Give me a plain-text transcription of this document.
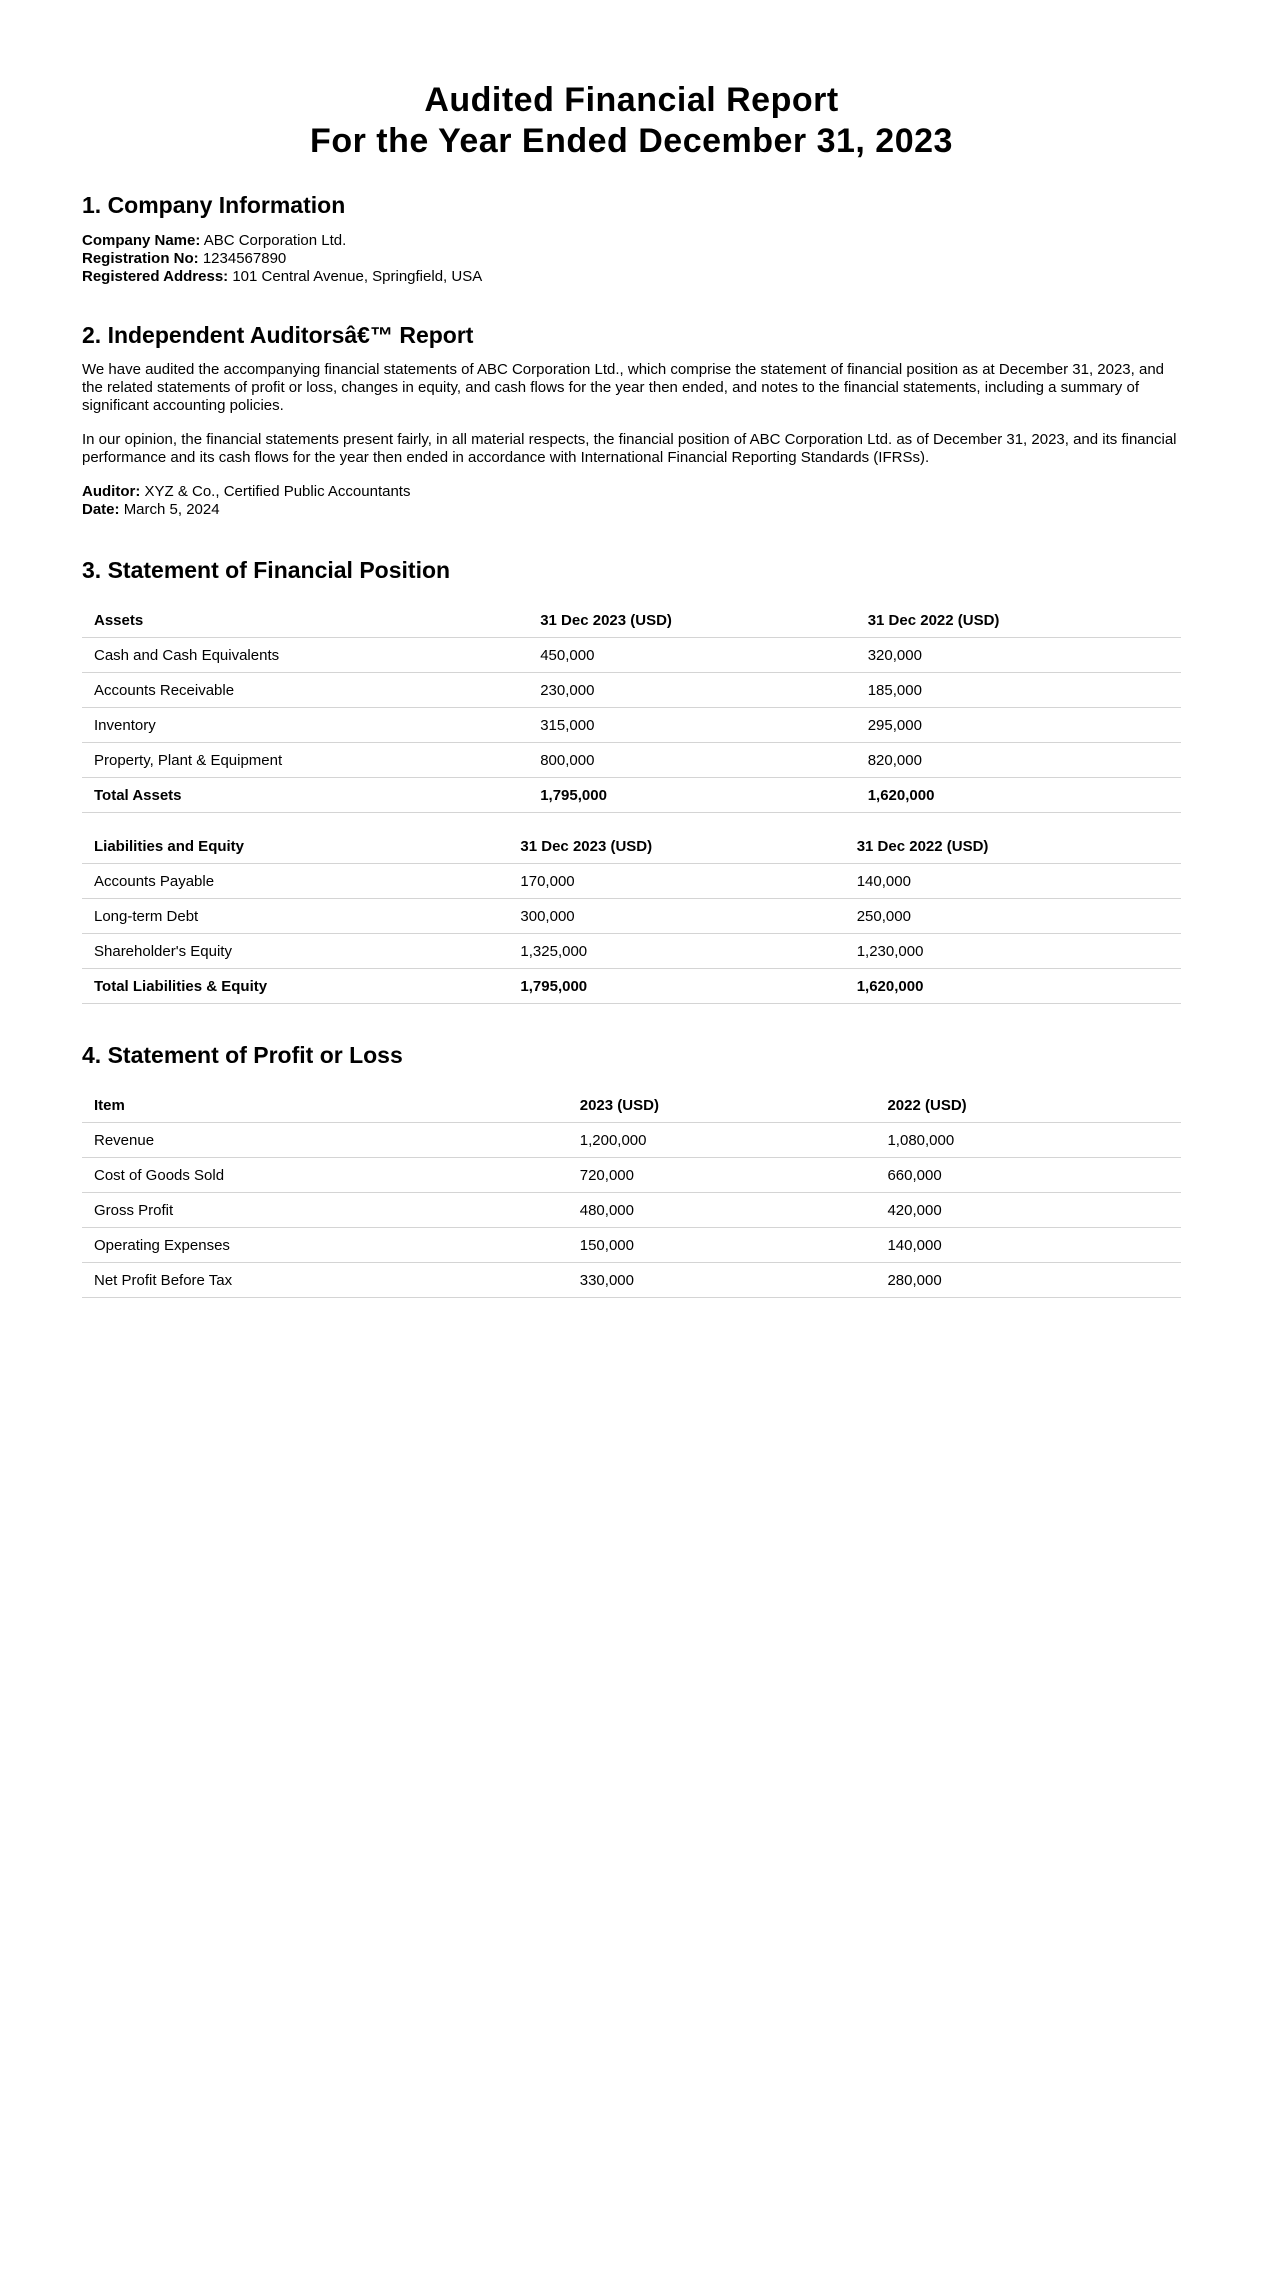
Audited Financial Report
For the Year Ended December 31, 2023
1. Company Information
Company Name: ABC Corporation Ltd.
Registration No: 1234567890
Registered Address: 101 Central Avenue, Springfield, USA
2. Independent Auditorsâ€™ Report

We have audited the accompanying financial statements of ABC Corporation Ltd., which comprise the statement of financial position as at December 31, 2023, and the related statements of profit or loss, changes in equity, and cash flows for the year then ended, and notes to the financial statements, including a summary of significant accounting policies.

In our opinion, the financial statements present fairly, in all material respects, the financial position of ABC Corporation Ltd. as of December 31, 2023, and its financial performance and its cash flows for the year then ended in accordance with International Financial Reporting Standards (IFRSs).

Auditor: XYZ & Co., Certified Public Accountants
Date: March 5, 2024
3. Statement of Financial Position
Assets	31 Dec 2023 (USD)	31 Dec 2022 (USD)
Cash and Cash Equivalents	450,000	320,000
Accounts Receivable	230,000	185,000
Inventory	315,000	295,000
Property, Plant & Equipment	800,000	820,000
Total Assets	1,795,000	1,620,000
Liabilities and Equity	31 Dec 2023 (USD)	31 Dec 2022 (USD)
Accounts Payable	170,000	140,000
Long-term Debt	300,000	250,000
Shareholder's Equity	1,325,000	1,230,000
Total Liabilities & Equity	1,795,000	1,620,000
4. Statement of Profit or Loss
Item	2023 (USD)	2022 (USD)
Revenue	1,200,000	1,080,000
Cost of Goods Sold	720,000	660,000
Gross Profit	480,000	420,000
Operating Expenses	150,000	140,000
Net Profit Before Tax	330,000	280,000
